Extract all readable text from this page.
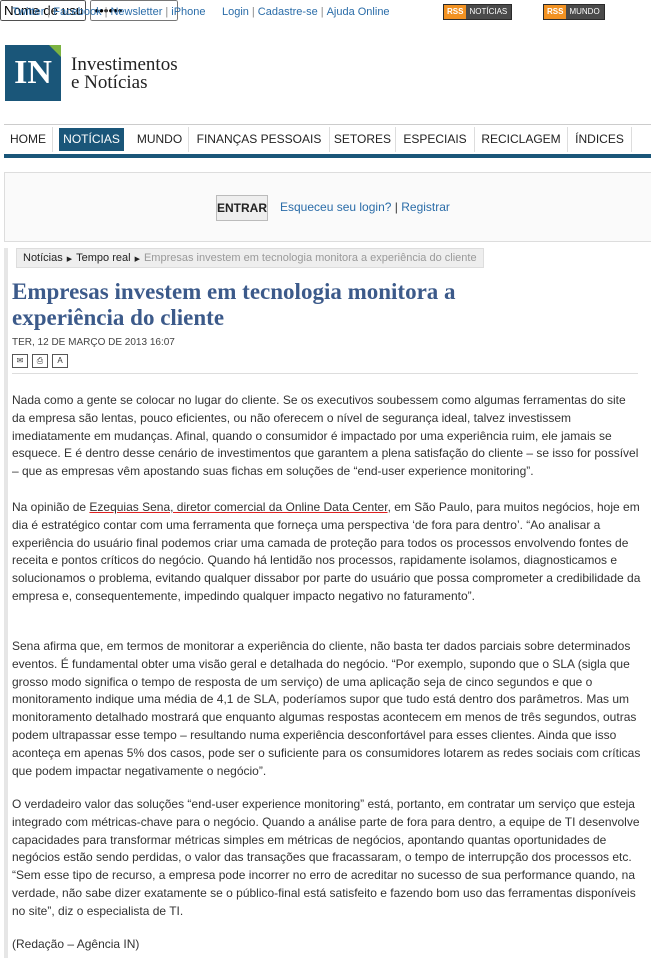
Twitter | Facebook | Newsletter | iPhone Login | Cadastre-se | Ajuda Online	RSS NOTÍCIAS	RSS MUNDO
IN	Investimentos
e Notícias
HOME	NOTÍCIAS	MUNDO	FINANÇAS PESSOAIS	SETORES	ESPECIAIS	RECICLAGEM	ÍNDICES
Nome de usuá ••••••
ENTRAR Esqueceu seu login? | Registrar
Notícias ▶ Tempo real ▶ Empresas investem em tecnologia monitora a experiência do cliente
Empresas investem em tecnologia monitora a experiência do cliente
TER, 12 DE MARÇO DE 2013 16:07
✉ ⎙ A

Nada como a gente se colocar no lugar do cliente. Se os executivos soubessem como algumas ferramentas do site da empresa são lentas, pouco eficientes, ou não oferecem o nível de segurança ideal, talvez investissem imediatamente em mudanças. Afinal, quando o consumidor é impactado por uma experiência ruim, ele jamais se esquece. E é dentro desse cenário de investimentos que garantem a plena satisfação do cliente – se isso for possível – que as empresas vêm apostando suas fichas em soluções de “end-user experience monitoring”.

Na opinião de Ezequias Sena, diretor comercial da Online Data Center, em São Paulo, para muitos negócios, hoje em dia é estratégico contar com uma ferramenta que forneça uma perspectiva ‘de fora para dentro’. “Ao analisar a experiência do usuário final podemos criar uma camada de proteção para todos os processos envolvendo fontes de receita e pontos críticos do negócio. Quando há lentidão nos processos, rapidamente isolamos, diagnosticamos e solucionamos o problema, evitando qualquer dissabor por parte do usuário que possa comprometer a credibilidade da empresa e, consequentemente, impedindo qualquer impacto negativo no faturamento”.

Sena afirma que, em termos de monitorar a experiência do cliente, não basta ter dados parciais sobre determinados eventos. É fundamental obter uma visão geral e detalhada do negócio. “Por exemplo, supondo que o SLA (sigla que grosso modo significa o tempo de resposta de um serviço) de uma aplicação seja de cinco segundos e que o monitoramento indique uma média de 4,1 de SLA, poderíamos supor que tudo está dentro dos parâmetros. Mas um monitoramento detalhado mostrará que enquanto algumas respostas acontecem em menos de três segundos, outras podem ultrapassar esse tempo – resultando numa experiência desconfortável para esses clientes. Ainda que isso aconteça em apenas 5% dos casos, pode ser o suficiente para os consumidores lotarem as redes sociais com críticas que podem impactar negativamente o negócio”.

O verdadeiro valor das soluções “end-user experience monitoring” está, portanto, em contratar um serviço que esteja integrado com métricas-chave para o negócio. Quando a análise parte de fora para dentro, a equipe de TI desenvolve capacidades para transformar métricas simples em métricas de negócios, apontando quantas oportunidades de negócios estão sendo perdidas, o valor das transações que fracassaram, o tempo de interrupção dos processos etc. “Sem esse tipo de recurso, a empresa pode incorrer no erro de acreditar no sucesso de sua performance quando, na verdade, não sabe dizer exatamente se o público-final está satisfeito e fazendo bom uso das ferramentas disponíveis no site”, diz o especialista de TI.

(Redação – Agência IN)
